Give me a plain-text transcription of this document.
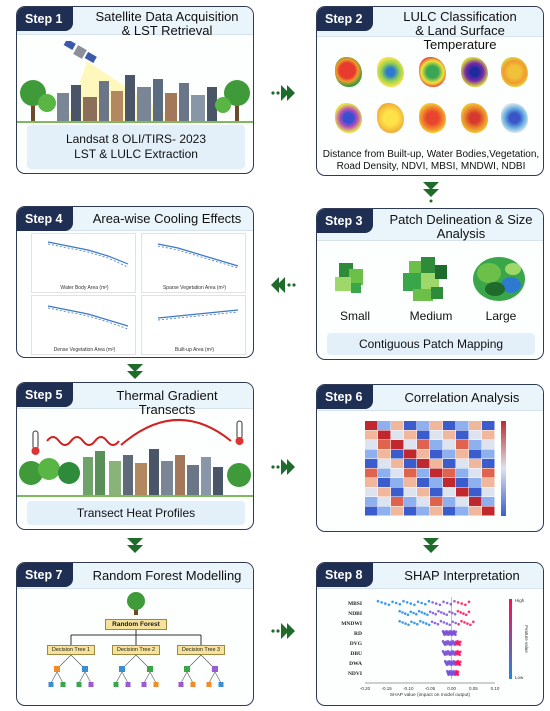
Step 1	Satellite Data Acquisition
& LST Retrieval
Landsat 8 OLI/TIRS- 2023
LST & LULC Extraction
Step 2	LULC Classification
& Land Surface Temperature
Distance from Built-up, Water Bodies,Vegetation,
Road Density, NDVI, MBSI, MNDWI, NDBI
Step 3	Patch Delineation & Size
Analysis
Small	Medium	Large
Contiguous Patch Mapping
Step 4	Area-wise Cooling Effects
Water Body Area (m²)	Sparse Vegetation Area (m²)
Dense Vegetation Area (m²)	Built-up Area (m²)
Step 5	Thermal Gradient Transects
Transect Heat Profiles
Step 6	Correlation Analysis
Step 7	Random Forest Modelling
Random Forest
Decision Tree 1	Decision Tree 2	Decision Tree 3
Step 8	SHAP Interpretation
MBSI
NDBI
MNDWI
RD
DVG
DBU
DWA
NDVI
-0.20	-0.15	-0.10	-0.05	0.00	0.05	0.10
SHAP value (impact on model output)
High
Low
Feature value
